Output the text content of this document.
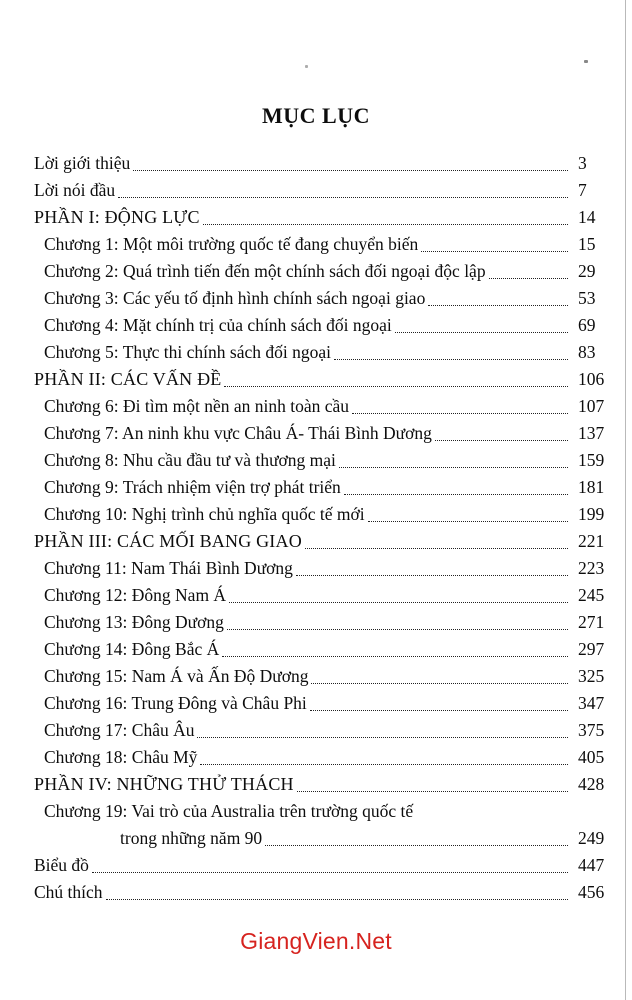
MỤC LỤC
Lời giới thiệu	3
Lời nói đầu	7
PHẦN I: ĐỘNG LỰC	14
Chương 1: Một môi trường quốc tế đang chuyển biến	15
Chương 2: Quá trình tiến đến một chính sách đối ngoại độc lập	29
Chương 3: Các yếu tố định hình chính sách ngoại giao	53
Chương 4: Mặt chính trị của chính sách đối ngoại	69
Chương 5: Thực thi chính sách đối ngoại	83
PHẦN II: CÁC VẤN ĐỀ	106
Chương 6: Đi tìm một nền an ninh toàn cầu	107
Chương 7: An ninh khu vực Châu Á- Thái Bình Dương	137
Chương 8: Nhu cầu đầu tư và thương mại	159
Chương 9: Trách nhiệm viện trợ phát triển	181
Chương 10: Nghị trình chủ nghĩa quốc tế mới	199
PHẦN III: CÁC MỐI BANG GIAO	221
Chương 11: Nam Thái Bình Dương	223
Chương 12: Đông Nam Á	245
Chương 13: Đông Dương	271
Chương 14: Đông Bắc Á	297
Chương 15: Nam Á và Ấn Độ Dương	325
Chương 16: Trung Đông và Châu Phi	347
Chương 17: Châu Âu	375
Chương 18: Châu Mỹ	405
PHẦN IV: NHỮNG THỬ THÁCH	428
Chương 19: Vai trò của Australia trên trường quốc tế
trong những năm 90	249
Biểu đồ	447
Chú thích	456
GiangVien.Net
